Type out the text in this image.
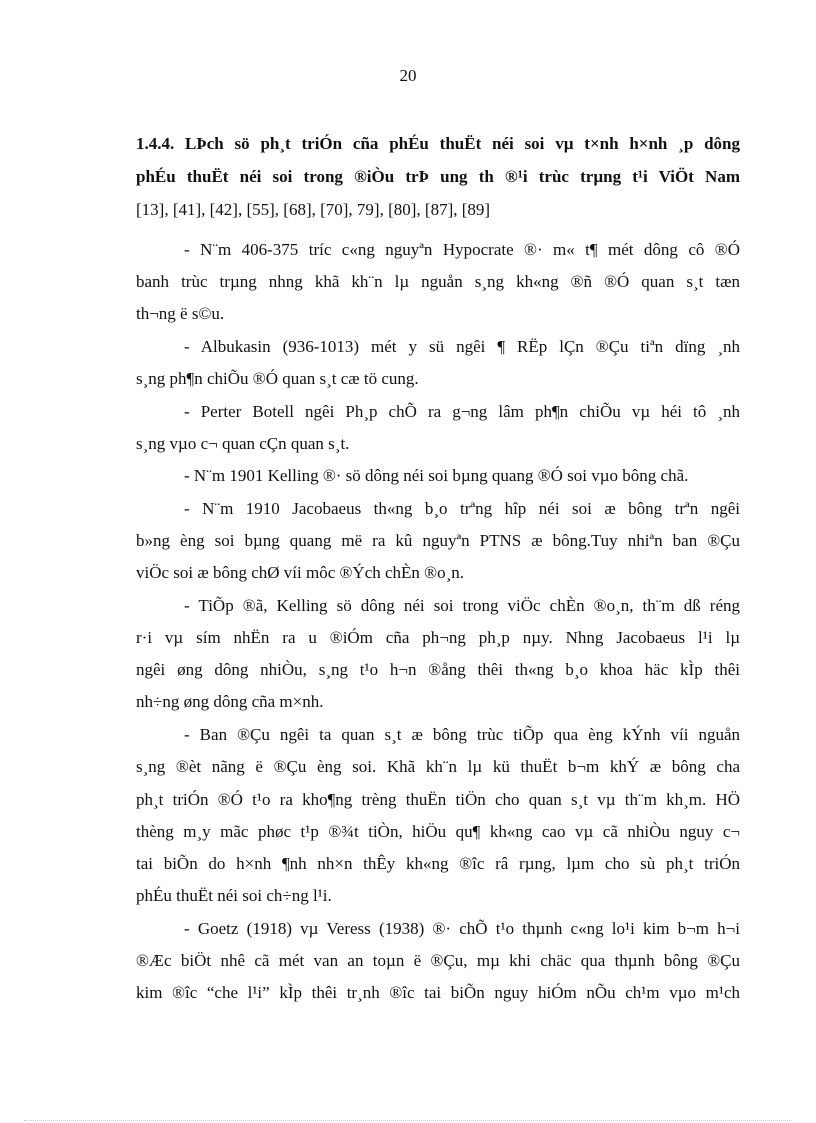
20
1.4.4. LÞch sö ph¸t triÓn cña phÉu thuËt néi soi vµ t×nh h×nh ¸p dông
phÉu thuËt néi soi trong ®iÒu trÞ ung th ®¹i trùc trµng t¹i ViÖt Nam
[13], [41], [42], [55], [68], [70], 79], [80], [87], [89]
- N¨m 406-375 tríc c«ng nguyªn Hypocrate ®· m« t¶ mét dông cô ®Ó
banh trùc trµng nhng khã kh¨n lµ nguån s¸ng kh«ng ®ñ ®Ó quan s¸t tæn
th¬ng ë s©u.
- Albukasin (936-1013) mét y sü ngêi ¶ RËp lÇn ®Çu tiªn dïng ¸nh
s¸ng ph¶n chiÕu ®Ó quan s¸t cæ tö cung.
- Perter Botell ngêi Ph¸p chÕ ra g¬ng lâm ph¶n chiÕu vµ héi tô ¸nh
s¸ng vµo c¬ quan cÇn quan s¸t.
- N¨m 1901 Kelling ®· sö dông néi soi bµng quang ®Ó soi vµo bông chã.
- N¨m 1910 Jacobaeus th«ng b¸o trªng hîp néi soi æ bông trªn ngêi
b»ng èng soi bµng quang më ra kû nguyªn PTNS æ bông.Tuy nhiªn ban ®Çu
viÖc soi æ bông chØ víi môc ®Ých chÈn ®o¸n.
- TiÕp ®ã, Kelling sö dông néi soi trong viÖc chÈn ®o¸n, th¨m dß réng
r·i vµ sím nhËn ra u ®iÓm cña ph¬ng ph¸p nµy. Nhng Jacobaeus l¹i lµ
ngêi øng dông nhiÒu, s¸ng t¹o h¬n ®ång thêi th«ng b¸o khoa häc kÌp thêi
nh÷ng øng dông cña m×nh.
- Ban ®Çu ngêi ta quan s¸t æ bông trùc tiÕp qua èng kÝnh víi nguån
s¸ng ®èt nãng ë ®Çu èng soi. Khã kh¨n lµ kü thuËt b¬m khÝ æ bông cha
ph¸t triÓn ®Ó t¹o ra kho¶ng trèng thuËn tiÖn cho quan s¸t vµ th¨m kh¸m. HÖ
thèng m¸y mãc phøc t¹p ®¾t tiÒn, hiÖu qu¶ kh«ng cao vµ cã nhiÒu nguy c¬
tai biÕn do h×nh ¶nh nh×n thÊy kh«ng ®îc râ rµng, lµm cho sù ph¸t triÓn
phÉu thuËt néi soi ch÷ng l¹i.
- Goetz (1918) vµ Veress (1938) ®· chÕ t¹o thµnh c«ng lo¹i kim b¬m h¬i
®Æc biÖt nhê cã mét van an toµn ë ®Çu, mµ khi chäc qua thµnh bông ®Çu
kim ®îc “che l¹i” kÌp thêi tr¸nh ®îc tai biÕn nguy hiÓm nÕu ch¹m vµo m¹ch
